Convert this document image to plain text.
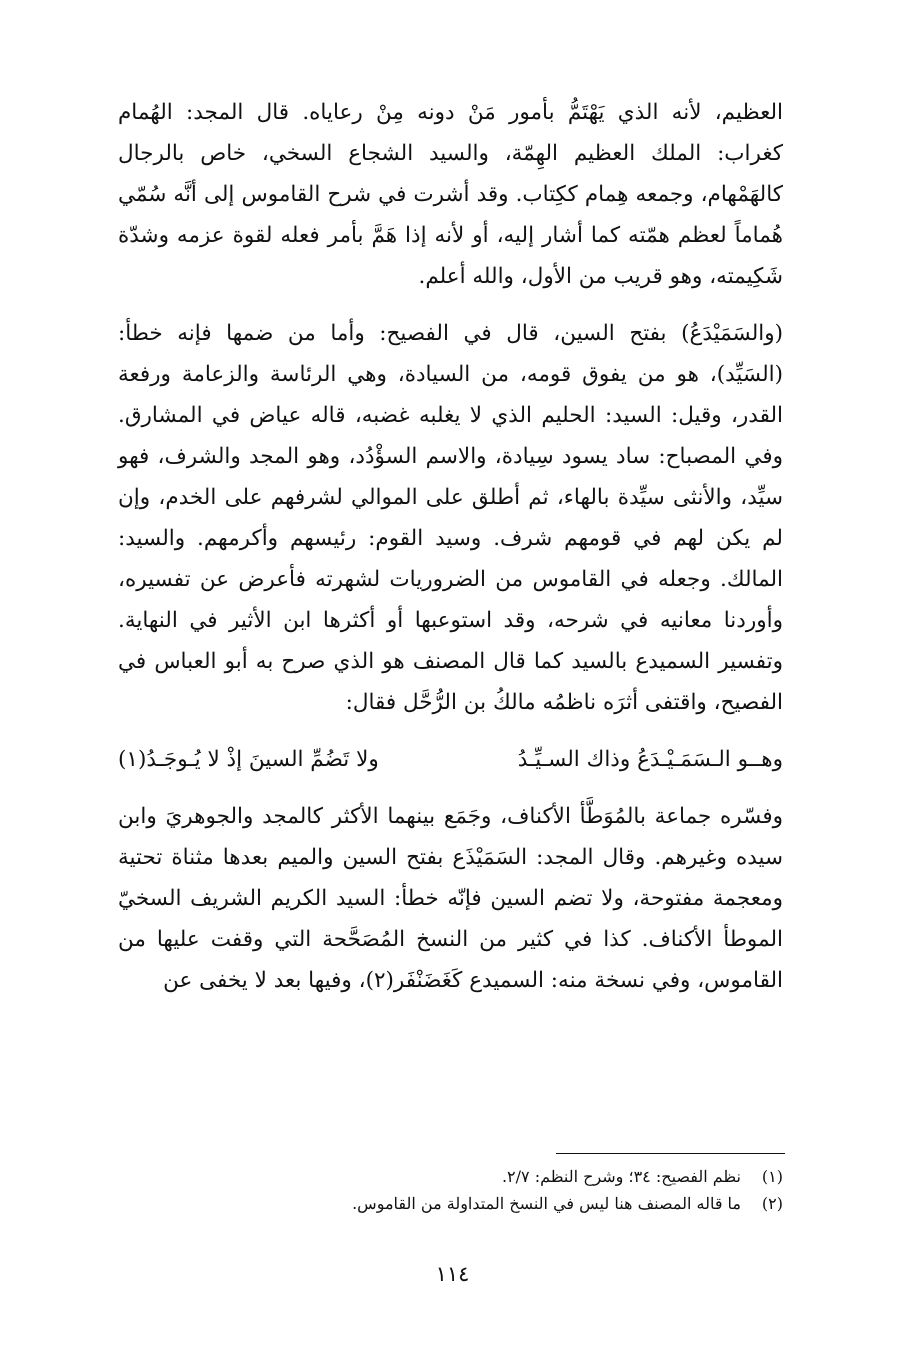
العظيم، لأنه الذي يَهْتَمُّ بأمور مَنْ دونه مِنْ رعاياه. قال المجد: الهُمام كغراب: الملك العظيم الهِمّة، والسيد الشجاع السخي، خاص بالرجال كالهَمْهام، وجمعه هِمام ككِتاب. وقد أشرت في شرح القاموس إلى أنَّه سُمّي هُماماً لعظم همّته كما أشار إليه، أو لأنه إذا هَمَّ بأمر فعله لقوة عزمه وشدّة شَكِيمته، وهو قريب من الأول، والله أعلم.

(والسَمَيْدَعُ) بفتح السين، قال في الفصيح: وأما من ضمها فإنه خطأ: (السَيِّد)، هو من يفوق قومه، من السيادة، وهي الرئاسة والزعامة ورفعة القدر، وقيل: السيد: الحليم الذي لا يغلبه غضبه، قاله عياض في المشارق. وفي المصباح: ساد يسود سِيادة، والاسم السؤْدُد، وهو المجد والشرف، فهو سيِّد، والأنثى سيِّدة بالهاء، ثم أطلق على الموالي لشرفهم على الخدم، وإن لم يكن لهم في قومهم شرف. وسيد القوم: رئيسهم وأكرمهم. والسيد: المالك. وجعله في القاموس من الضروريات لشهرته فأعرض عن تفسيره، وأوردنا معانيه في شرحه، وقد استوعبها أو أكثرها ابن الأثير في النهاية. وتفسير السميدع بالسيد كما قال المصنف هو الذي صرح به أبو العباس في الفصيح، واقتفى أثرَه ناظمُه مالكُ بن الرُّحَّل فقال:

وهــو الـسَمَـيْـدَعُ وذاك السـيِّـدُ
ولا تَضُمِّ السينَ إذْ لا يُـوجَـدُ(١)

وفسّره جماعة بالمُوَطَّأ الأكناف، وجَمَع بينهما الأكثر كالمجد والجوهريَ وابن سيده وغيرهم. وقال المجد: السَمَيْذَع بفتح السين والميم بعدها مثناة تحتية ومعجمة مفتوحة، ولا تضم السين فإنّه خطأ: السيد الكريم الشريف السخيّ الموطأ الأكناف. كذا في كثير من النسخ المُصَحَّحة التي وقفت عليها من القاموس، وفي نسخة منه: السميدع كَغَضَنْفَر(٢)، وفيها بعد لا يخفى عن

(١)نظم الفصيح: ٣٤؛ وشرح النظم: ٢/٧.

(٢)ما قاله المصنف هنا ليس في النسخ المتداولة من القاموس.

١١٤
